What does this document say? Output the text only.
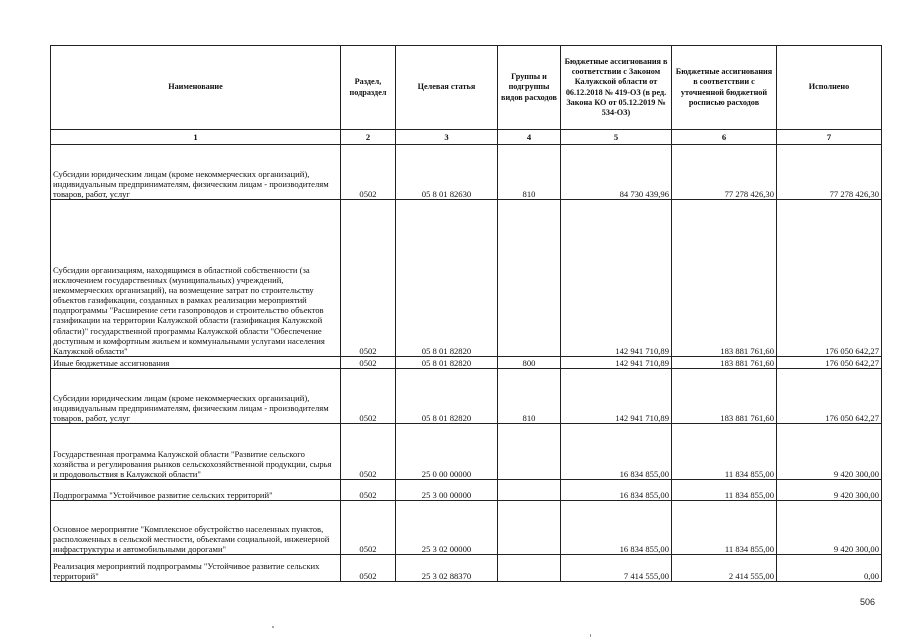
Наименование	Раздел, подраздел	Целевая статья	Группы и подгруппы видов расходов	Бюджетные ассигнования в соответствии с Законом Калужской области от 06.12.2018 № 419-ОЗ (в ред. Закона КО от 05.12.2019 № 534-ОЗ)	Бюджетные ассигнования в соответствии с уточненной бюджетной росписью расходов	Исполнено
1	2	3	4	5	6	7
Субсидии юридическим лицам (кроме некоммерческих организаций), индивидуальным предпринимателям, физическим лицам - производителям товаров, работ, услуг	0502	05 8 01 82630	810	84 730 439,96	77 278 426,30	77 278 426,30
Субсидии организациям, находящимся в областной собственности (за исключением государственных (муниципальных) учреждений, некоммерческих организаций), на возмещение затрат по строительству объектов газификации, созданных в рамках реализации мероприятий подпрограммы "Расширение сети газопроводов и строительство объектов газификации на территории Калужской области (газификация Калужской области)" государственной программы Калужской области "Обеспечение доступным и комфортным жильем и коммунальными услугами населения Калужской области"	0502	05 8 01 82820		142 941 710,89	183 881 761,60	176 050 642,27
Иные бюджетные ассигнования	0502	05 8 01 82820	800	142 941 710,89	183 881 761,60	176 050 642,27
Субсидии юридическим лицам (кроме некоммерческих организаций), индивидуальным предпринимателям, физическим лицам - производителям товаров, работ, услуг	0502	05 8 01 82820	810	142 941 710,89	183 881 761,60	176 050 642,27
Государственная программа Калужской области "Развитие сельского хозяйства и регулирования рынков сельскохозяйственной продукции, сырья и продовольствия в Калужской области"	0502	25 0 00 00000		16 834 855,00	11 834 855,00	9 420 300,00
Подпрограмма "Устойчивое развитие сельских территорий"	0502	25 3 00 00000		16 834 855,00	11 834 855,00	9 420 300,00
Основное мероприятие "Комплексное обустройство населенных пунктов, расположенных в сельской местности, объектами социальной, инженерной инфраструктуры и автомобильными дорогами"	0502	25 3 02 00000		16 834 855,00	11 834 855,00	9 420 300,00
Реализация мероприятий подпрограммы "Устойчивое развитие сельских территорий"	0502	25 3 02 88370		7 414 555,00	2 414 555,00	0,00
506
